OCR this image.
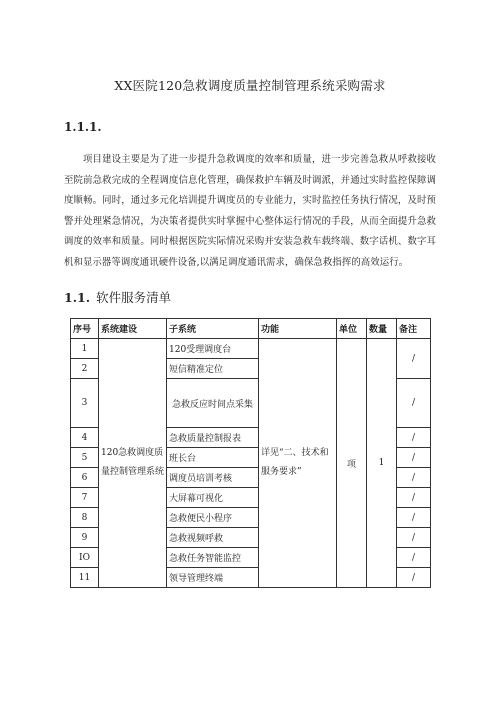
XX医院120急救调度质量控制管理系统采购需求
1.1.1.
项目建设主要是为了进一步提升急救调度的效率和质量，进一步完善急救从呼救接收至院前急救完成的全程调度信息化管理，确保救护车辆及时调派，并通过实时监控保障调度顺畅。同时，通过多元化培训提升调度员的专业能力，实时监控任务执行情况，及时预警并处理紧急情况，为决策者提供实时掌握中心整体运行情况的手段，从而全面提升急救调度的效率和质量。同时根据医院实际情况采购并安装急救车载终端、数字话机、数字耳机和显示器等调度通讯硬件设备,以满足调度通讯需求，确保急救指挥的高效运行。
1.1. 软件服务清单
序号	系统建设	子系统	功能	单位	数量	备注
1	120急救调度质量控制管理系统	120受理调度台	详见“二、技术和服务要求”	项	1	/
2		短信精准定位				
3		急救反应时间点采集				/
4		急救质量控制报表				/
5		班长台				/
6		调度员培训考核				/
7		大屏幕可视化				/
8		急救便民小程序				/
9		急救视频呼救				/
IO		急救任务智能监控				/
11		领导管理终端				/
